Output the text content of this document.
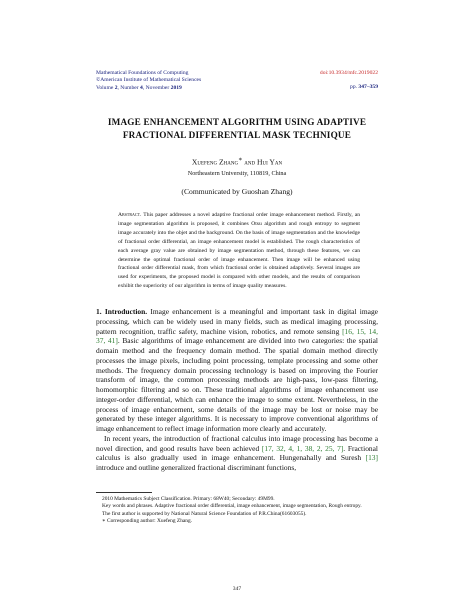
Mathematical Foundations of Computing
©American Institute of Mathematical Sciences
Volume 2, Number 4, November 2019
doi:10.3934/mfc.2019022
pp. 347–359
IMAGE ENHANCEMENT ALGORITHM USING ADAPTIVE
FRACTIONAL DIFFERENTIAL MASK TECHNIQUE
Xuefeng Zhang∗ and Hui Yan
Northeastern University, 110819, China
(Communicated by Guoshan Zhang)
Abstract. This paper addresses a novel adaptive fractional order image enhancement method. Firstly, an image segmentation algorithm is proposed, it combines Otsu algorithm and rough entropy to segment image accurately into the objet and the background. On the basis of image segmentation and the knowledge of fractional order differential, an image enhancement model is established. The rough characteristics of each average gray value are obtained by image segmentation method, through these features, we can determine the optimal fractional order of image enhancement. Then image will be enhanced using fractional order differential mask, from which fractional order is obtained adaptively. Several images are used for experiments, the proposed model is compared with other models, and the results of comparison exhibit the superiority of our algorithm in terms of image quality measures.

1. Introduction. Image enhancement is a meaningful and important task in digital image processing, which can be widely used in many fields, such as medical imaging processing, pattern recognition, traffic safety, machine vision, robotics, and remote sensing [16, 15, 14, 37, 41]. Basic algorithms of image enhancement are divided into two categories: the spatial domain method and the frequency domain method. The spatial domain method directly processes the image pixels, including point processing, template processing and some other methods. The frequency domain processing technology is based on improving the Fourier transform of image, the common processing methods are high-pass, low-pass filtering, homomorphic filtering and so on. These traditional algorithms of image enhancement use integer-order differential, which can enhance the image to some extent. Nevertheless, in the process of image enhancement, some details of the image may be lost or noise may be generated by these integer algorithms. It is necessary to improve conventional algorithms of image enhancement to reflect image information more clearly and accurately.

In recent years, the introduction of fractional calculus into image processing has become a novel direction, and good results have been achieved [17, 32, 4, 1, 38, 2, 25, 7]. Fractional calculus is also gradually used in image enhancement. Hungenahally and Suresh [13] introduce and outline generalized fractional discriminant functions,

2010 Mathematics Subject Classification. Primary: 68W40; Secondary: 49M99.
Key words and phrases. Adaptive fractional order differential, image enhancement, image segmentation, Rough entropy.
The first author is supported by National Natural Science Foundation of P.R.China(61603055).
∗ Corresponding author: Xuefeng Zhang.
347
